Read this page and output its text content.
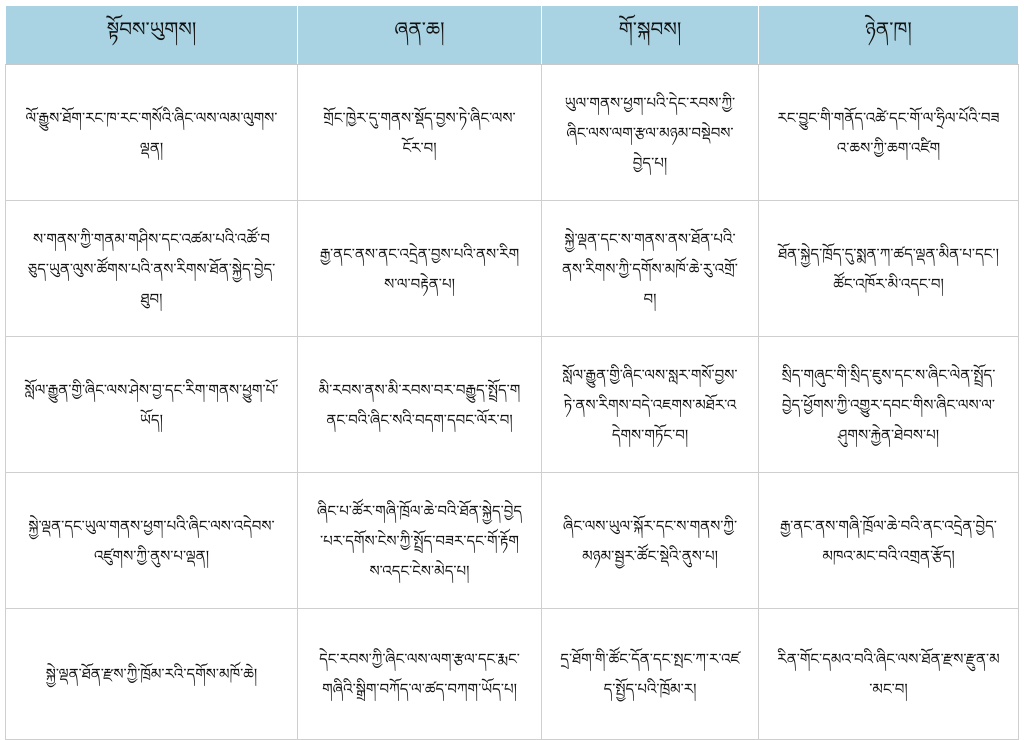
སྟོབས་ཡུགས།	ཞན་ཆ།	གོ་སྐབས།	ཉེན་ཁ།
ལོ་རྒྱུས་ཐོག་རང་ཁ་རང་གསོའི་ཞིང་ལས་ལམ་ལུགས་ལྡན།	གྲོང་ཁྱེར་དུ་གནས་སྡོད་བྱས་ཏེ་ཞིང་ལས་ངོར་བ།	ཡུལ་གནས་ཕྱག་པའི་དེང་རབས་ཀྱི་ཞིང་ལས་ལག་རྩལ་མཉམ་བསྡེབས་བྱེད་པ།	རང་བྱུང་གི་གནོད་འཚེ་དང་གོ་ལ་ཧྲིལ་པོའི་བཟའ་ཆས་ཀྱི་ཆག་འཛིག
ས་གནས་ཀྱི་གནམ་གཤིས་དང་འཚམ་པའི་འཚོ་བཅུད་ཡུན་ལུས་ཚོགས་པའི་ནས་རིགས་ཐོན་སྐྱེད་བྱེད་ཐུབ།	རྒྱ་ནང་ནས་ནང་འདྲེན་བྱས་པའི་ནས་རིགས་ལ་བརྟེན་པ།	སྐྱེ་ལྡན་དང་ས་གནས་ནས་ཐོན་པའི་ནས་རིགས་ཀྱི་དགོས་མཁོ་ཆེ་རུ་འགྲོ་བ།	ཐོན་སྐྱེད་ཁྲོད་དུ་སྨན་ཀ་ཚད་ལྡན་མིན་པ་དང་། ཚོང་འཁོར་མི་འདང་བ།
སློལ་རྒྱུན་གྱི་ཞིང་ལས་ཤེས་བྱ་དང་རིག་གནས་ཕྱུག་པོ་ཡོད།	མི་རབས་ནས་མི་རབས་བར་བརྒྱུད་སྤྲོད་གནང་བའི་ཞིང་སའི་བདག་དབང་ལོར་བ།	སློལ་རྒྱུན་གྱི་ཞིང་ལས་སླར་གསོ་བྱས་ཏེ་ནས་རིགས་བདེ་འཇགས་མཐོར་འདེགས་གཏོང་བ།	སྲིད་གཞུང་གི་སྲིད་ཇུས་དང་ས་ཞིང་ལེན་སྤྲོད་བྱེད་ཕྱོགས་ཀྱི་འགྱུར་དབང་གིས་ཞིང་ལས་ལ་ཤུགས་རྐྱེན་ཐེབས་པ།
སྐྱེ་ལྡན་དང་ཡུལ་གནས་ཕྱག་པའི་ཞིང་ལས་འདེབས་འཛུགས་ཀྱི་ནུས་པ་ལྡན།	ཞིང་པ་ཚོར་གཞི་ཁྲོལ་ཆེ་བའི་ཐོན་སྐྱེད་བྱེད་པར་དགོས་ངེས་ཀྱི་སྤྲོད་བཟར་དང་གོ་རྟོགས་འདང་ངེས་མེད་པ།	ཞིང་ལས་ཡུལ་སྐོར་དང་ས་གནས་ཀྱི་མཉམ་སྦྱར་ཚོང་སྡེའི་ནུས་པ།	རྒྱ་ནང་ནས་གཞི་ཁྲོལ་ཆེ་བའི་ནང་འདྲེན་བྱེད་མཁའ་མང་བའི་འགྲན་རྩོད།
སྐྱེ་ལྡན་ཐོན་རྫས་ཀྱི་ཁྲོམ་རའི་དགོས་མཁོ་ཆེ།	དེང་རབས་ཀྱི་ཞིང་ལས་ལག་རྩལ་དང་རྨང་གཞིའི་སྒྲིག་བཀོད་ལ་ཚད་བཀག་ཡོད་པ།	དྲ་ཐོག་གི་ཚོང་དོན་དང་སྤང་ཀ་ར་འཛད་སྤྱོད་པའི་ཁྲོམ་ར།	རིན་གོང་དམའ་བའི་ཞིང་ལས་ཐོན་རྫས་རྫུན་མ་མང་བ།
